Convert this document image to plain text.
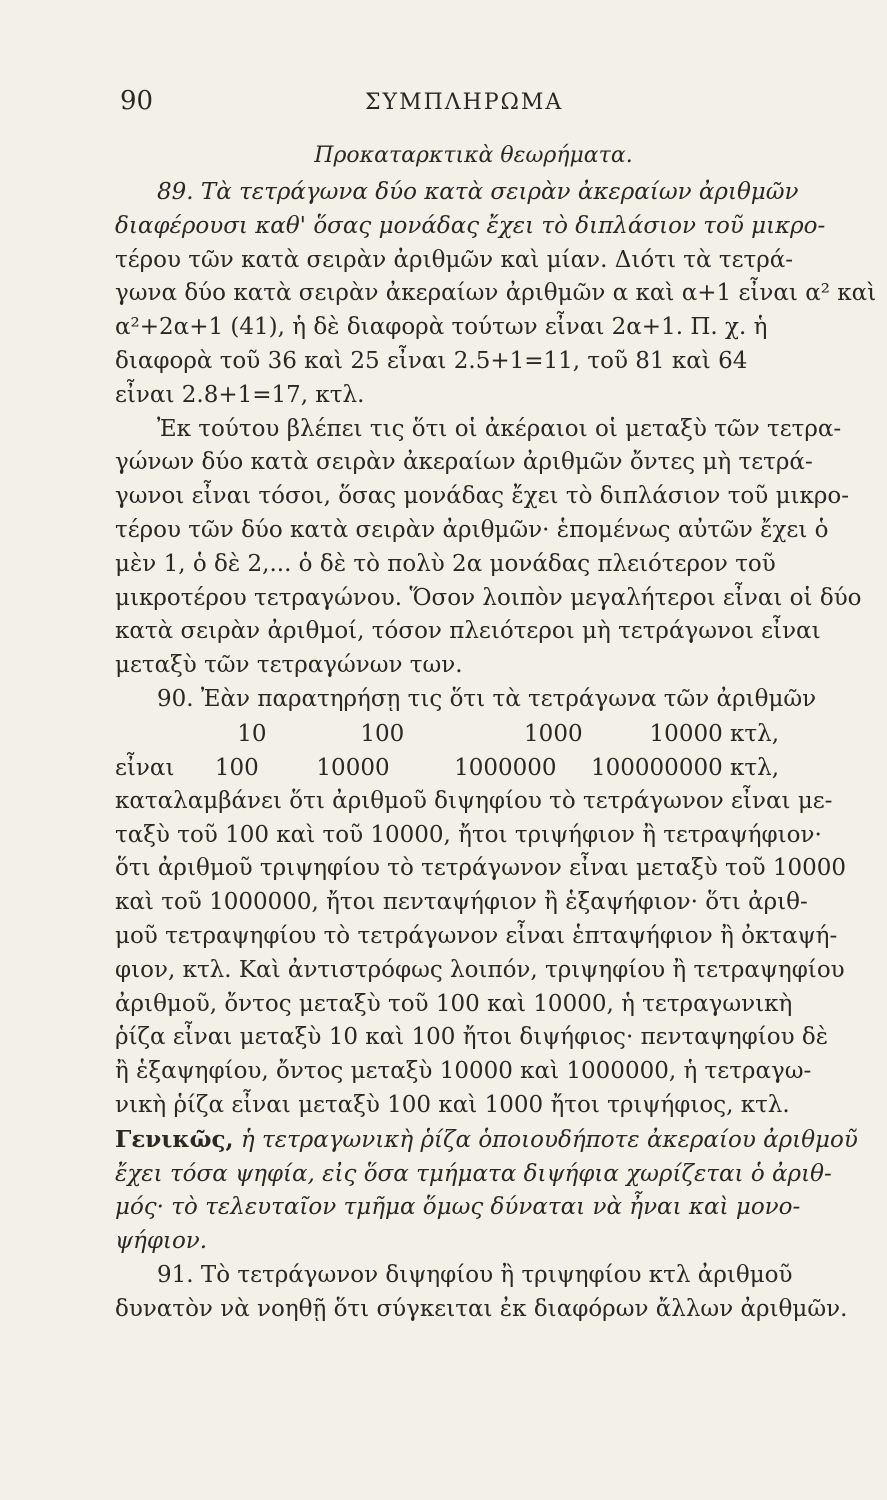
90	ΣΥΜΠΛΗΡΩΜΑ
Προκαταρκτικὰ θεωρήματα.
89. Τὰ τετράγωνα δύο κατὰ σειρὰν ἀκεραίων ἀριθμῶν
διαφέρουσι καθ' ὅσας μονάδας ἔχει τὸ διπλάσιον τοῦ μικρο-
τέρου τῶν κατὰ σειρὰν ἀριθμῶν καὶ μίαν. Διότι τὰ τετρά-
γωνα δύο κατὰ σειρὰν ἀκεραίων ἀριθμῶν α καὶ α+1 εἶναι α² καὶ
α²+2α+1 (41), ἡ δὲ διαφορὰ τούτων εἶναι 2α+1. Π. χ. ἡ
διαφορὰ τοῦ 36 καὶ 25 εἶναι 2.5+1=11, τοῦ 81 καὶ 64
εἶναι 2.8+1=17, κτλ.
Ἐκ τούτου βλέπει τις ὅτι οἱ ἀκέραιοι οἱ μεταξὺ τῶν τετρα-
γώνων δύο κατὰ σειρὰν ἀκεραίων ἀριθμῶν ὄντες μὴ τετρά-
γωνοι εἶναι τόσοι, ὅσας μονάδας ἔχει τὸ διπλάσιον τοῦ μικρο-
τέρου τῶν δύο κατὰ σειρὰν ἀριθμῶν· ἑπομένως αὐτῶν ἔχει ὁ
μὲν 1, ὁ δὲ 2,... ὁ δὲ τὸ πολὺ 2α μονάδας πλειότερον τοῦ
μικροτέρου τετραγώνου. Ὅσον λοιπὸν μεγαλήτεροι εἶναι οἱ δύο
κατὰ σειρὰν ἀριθμοί, τόσον πλειότεροι μὴ τετράγωνοι εἶναι
μεταξὺ τῶν τετραγώνων των.
90. Ἐὰν παρατηρήσῃ τις ὅτι τὰ τετράγωνα τῶν ἀριθμῶν
10	100	1000	10000 κτλ,
εἶναι	100	10000	1000000	100000000 κτλ,
καταλαμβάνει ὅτι ἀριθμοῦ διψηφίου τὸ τετράγωνον εἶναι με-
ταξὺ τοῦ 100 καὶ τοῦ 10000, ἤτοι τριψήφιον ἢ τετραψήφιον·
ὅτι ἀριθμοῦ τριψηφίου τὸ τετράγωνον εἶναι μεταξὺ τοῦ 10000
καὶ τοῦ 1000000, ἤτοι πενταψήφιον ἢ ἑξαψήφιον· ὅτι ἀριθ-
μοῦ τετραψηφίου τὸ τετράγωνον εἶναι ἑπταψήφιον ἢ ὀκταψή-
φιον, κτλ. Καὶ ἀντιστρόφως λοιπόν, τριψηφίου ἢ τετραψηφίου
ἀριθμοῦ, ὄντος μεταξὺ τοῦ 100 καὶ 10000, ἡ τετραγωνικὴ
ῥίζα εἶναι μεταξὺ 10 καὶ 100 ἤτοι διψήφιος· πενταψηφίου δὲ
ἢ ἑξαψηφίου, ὄντος μεταξὺ 10000 καὶ 1000000, ἡ τετραγω-
νικὴ ῥίζα εἶναι μεταξὺ 100 καὶ 1000 ἤτοι τριψήφιος, κτλ.
Γενικῶς, ἡ τετραγωνικὴ ῥίζα ὁποιουδήποτε ἀκεραίου ἀριθμοῦ
ἔχει τόσα ψηφία, εἰς ὅσα τμήματα διψήφια χωρίζεται ὁ ἀριθ-
μός· τὸ τελευταῖον τμῆμα ὅμως δύναται νὰ ἦναι καὶ μονο-
ψήφιον.
91. Τὸ τετράγωνον διψηφίου ἢ τριψηφίου κτλ ἀριθμοῦ
δυνατὸν νὰ νοηθῇ ὅτι σύγκειται ἐκ διαφόρων ἄλλων ἀριθμῶν.
